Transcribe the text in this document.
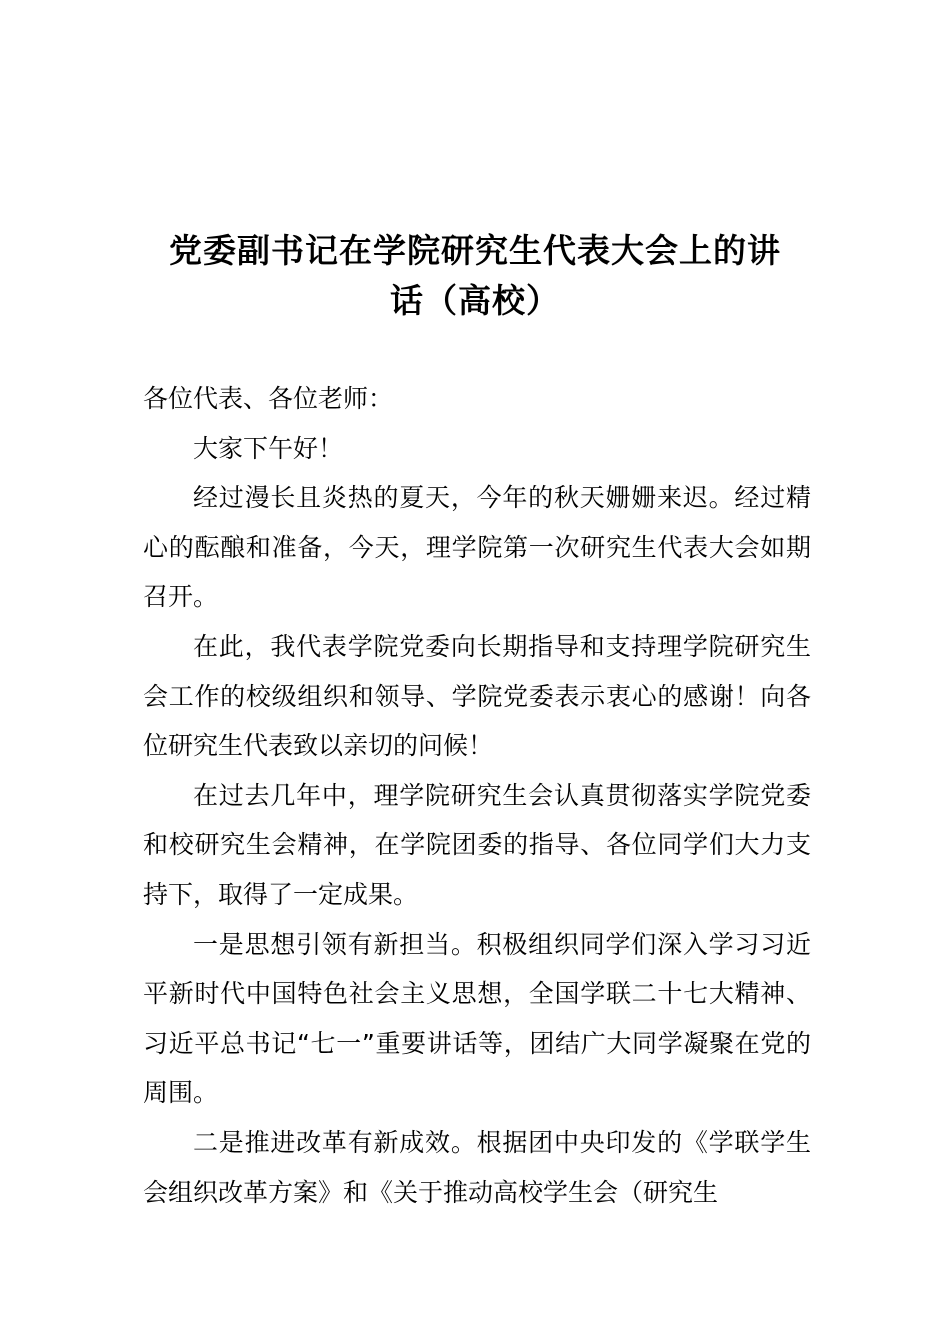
党委副书记在学院研究生代表大会上的讲
话（高校）

各位代表、各位老师：

大家下午好！

经过漫长且炎热的夏天，今年的秋天姗姗来迟。经过精心的酝酿和准备，今天，理学院第一次研究生代表大会如期召开。

在此，我代表学院党委向长期指导和支持理学院研究生会工作的校级组织和领导、学院党委表示衷心的感谢！向各位研究生代表致以亲切的问候！

在过去几年中，理学院研究生会认真贯彻落实学院党委和校研究生会精神，在学院团委的指导、各位同学们大力支持下，取得了一定成果。

一是思想引领有新担当。积极组织同学们深入学习习近平新时代中国特色社会主义思想，全国学联二十七大精神、习近平总书记“七一”重要讲话等，团结广大同学凝聚在党的周围。

二是推进改革有新成效。根据团中央印发的《学联学生会组织改革方案》和《关于推动高校学生会（研究生
